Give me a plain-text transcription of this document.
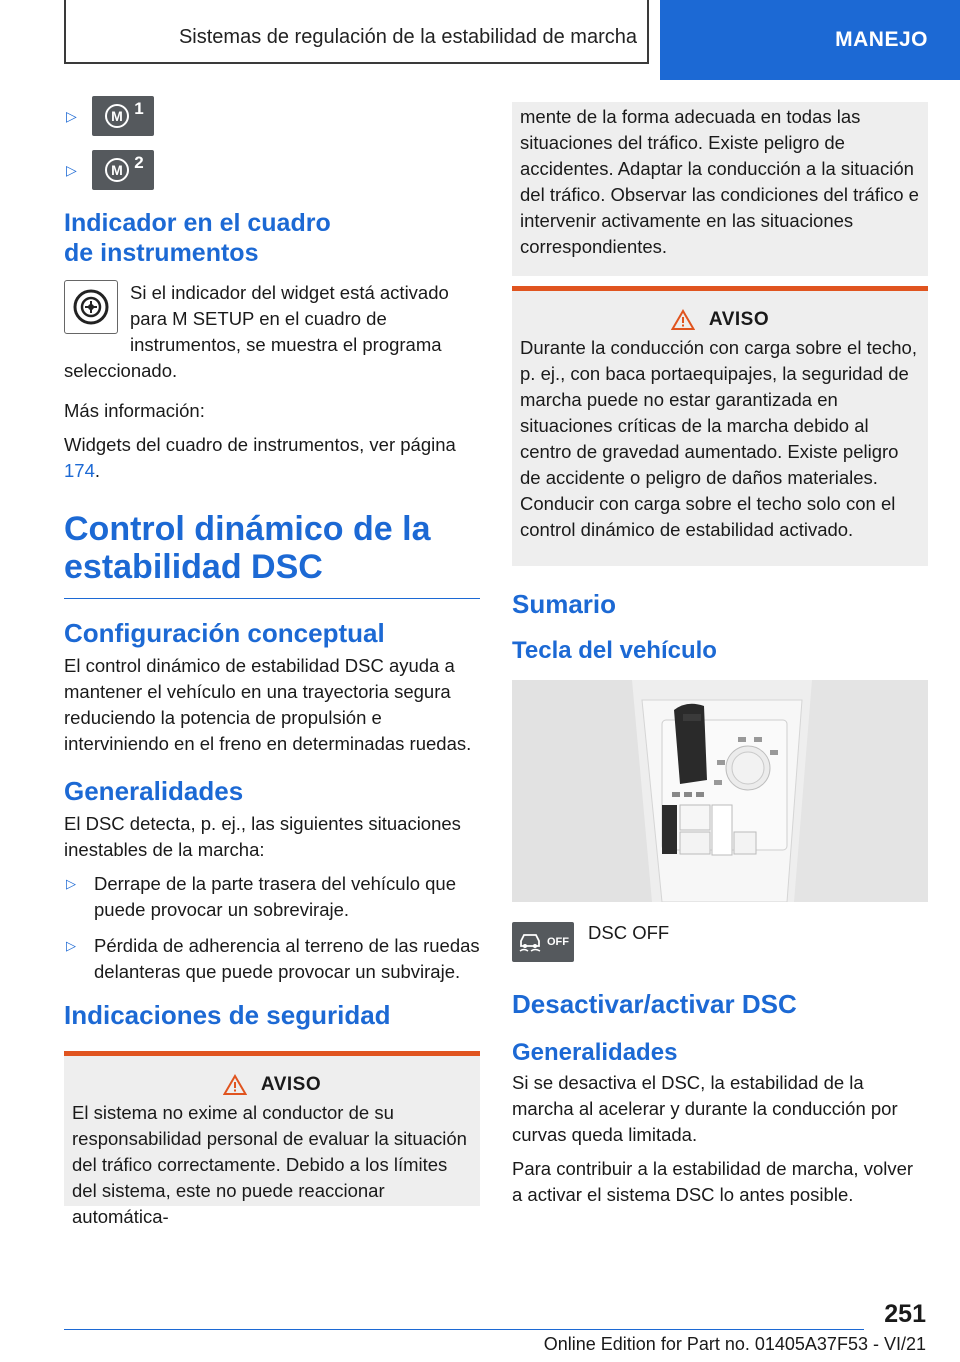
Sistemas de regulación de la estabilidad de marcha	MANEJO
▷	M 1
▷	M 2
Indicador en el cuadro
de instrumentos

Si el indicador del widget está activado para M SETUP en el cuadro de instrumentos, se muestra el programa seleccionado.

Más información:

Widgets del cuadro de instrumentos, ver página 174.

Control dinámico de la
estabilidad DSC
Configuración conceptual

El control dinámico de estabilidad DSC ayuda a mantener el vehículo en una trayectoria segura reduciendo la potencia de propulsión e interviniendo en el freno en determinadas ruedas.

Generalidades

El DSC detecta, p. ej., las siguientes situaciones inestables de la marcha:

▷ Derrape de la parte trasera del vehículo que puede provocar un sobreviraje.
▷ Pérdida de adherencia al terreno de las ruedas delanteras que puede provocar un subviraje.
Indicaciones de seguridad
AVISO

El sistema no exime al conductor de su responsabilidad personal de evaluar la situación del tráfico correctamente. Debido a los límites del sistema, este no puede reaccionar automática-

mente de la forma adecuada en todas las situaciones del tráfico. Existe peligro de accidentes. Adaptar la conducción a la situación del tráfico. Observar las condiciones del tráfico e intervenir activamente en las situaciones correspondientes.

AVISO

Durante la conducción con carga sobre el techo, p. ej., con baca portaequipajes, la seguridad de marcha puede no estar garantizada en situaciones críticas de la marcha debido al centro de gravedad aumentado. Existe peligro de accidente o peligro de daños materiales. Conducir con carga sobre el techo solo con el control dinámico de estabilidad activado.

Sumario
Tecla del vehículo
OFF DSC OFF
Desactivar/activar DSC
Generalidades

Si se desactiva el DSC, la estabilidad de la marcha al acelerar y durante la conducción por curvas queda limitada.

Para contribuir a la estabilidad de marcha, volver a activar el sistema DSC lo antes posible.

251
Online Edition for Part no. 01405A37F53 - VI/21
